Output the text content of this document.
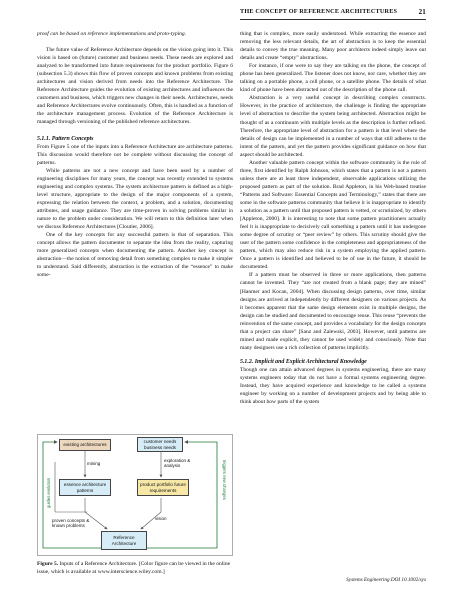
THE CONCEPT OF REFERENCE ARCHITECTURES	21

proof can be based on reference implementations and proto-typing.

The future value of Reference Architecture depends on the vision going into it. This vision is based on (future) customer and business needs. These needs are explored and analyzed to be transformed into future requirements for the product portfolio. Figure 6 (subsection 5.3) shows this flow of proven concepts and known problems from existing architectures and vision derived from needs into the Reference Architecture. The Reference Architecture guides the evolution of existing architectures and influences the customers and business, which triggers new changes in their needs. Architectures, needs and Reference Architectures evolve continuously. Often, this is handled as a function of the architecture management process. Evolution of the Reference Architecture is managed through versioning of the published reference architectures.

5.1.1. Pattern Concepts

From Figure 5 one of the inputs into a Reference Architecture are architecture patterns. This discussion would therefore not be complete without discussing the concept of patterns.

While patterns are not a new concept and have been used by a number of engineering disciplines for many years, the concept was recently extended to systems engineering and complex systems. The system architecture pattern is defined as a high-level structure, appropriate to the design of the major components of a system, expressing the relation between the context, a problem, and a solution, documenting attributes, and usage guidance. They are time-proven in solving problems similar in nature to the problem under consideration. We will return to this definition later when we discuss Reference Architectures [Cloutier, 2006].

One of the key concepts for any successful pattern is that of separation. This concept allows the pattern documenter to separate the idea from the reality, capturing more generalized concepts when documenting the pattern. Another key concept is abstraction—the notion of removing detail from something complex to make it simpler to understand. Said differently, abstraction is the extraction of the “essence” to make some-

existing architectures
customer needs business needs
essence architecture patterns
product portfolio future requirements
Reference Architecture
mining
exploration & analysis
proven concepts & known problems
vision
guides evolution	triggers new changes
Figure 5. Inputs of a Reference Architecture. [Color figure can be viewed in the online issue, which is available at www.interscience.wiley.com.]

thing that is complex, more easily understood. While extracting the essence and removing the less relevant details, the art of abstraction is to keep the essential details to convey the true meaning. Many poor architects indeed simply leave out details and create “empty” abstractions.

For instance, if one were to say they are talking on the phone, the concept of phone has been generalized. The listener does not know, nor care, whether they are talking on a portable phone, a cell phone, or a satellite phone. The details of what kind of phone have been abstracted out of the description of the phone call.

Abstraction is a very useful concept in describing complex constructs. However, in the practice of architecture, the challenge is finding the appropriate level of abstraction to describe the system being architected. Abstraction might be thought of as a continuum with multiple levels as the description is further refined. Therefore, the appropriate level of abstraction for a pattern is that level where the details of design can be implemented in a number of ways that still adheres to the intent of the pattern, and yet the pattern provides significant guidance on how that aspect should be architected.

Another valuable pattern concept within the software community is the rule of three, first identified by Ralph Johnson, which states that a pattern is not a pattern unless there are at least three independent, observable applications utilizing the proposed pattern as part of the solution. Brad Appleton, in his Web-based treatise “Patterns and Software: Essential Concepts and Terminology,” states that there are some in the software patterns community that believe it is inappropriate to identify a solution as a pattern until that proposed pattern is vetted, or scrutinized, by others [Appleton, 2000]. It is interesting to note that some pattern practitioners actually feel it is inappropriate to decisively call something a pattern until it has undergone some degree of scrutiny or “peer review” by others. This scrutiny should give the user of the pattern some confidence in the completeness and appropriateness of the pattern, which may also reduce risk in a system employing the applied pattern. Once a pattern is identified and believed to be of use in the future, it should be documented.

If a pattern must be observed in three or more applications, then patterns cannot be invented. They “are not created from a blank page; they are mined” [Hanmer and Kocan, 2004]. When discussing design patterns, over time, similar designs are arrived at independently by different designers on various projects. As it becomes apparent that the same design elements exist in multiple designs, the design can be studied and documented to encourage reuse. This reuse “prevents the reinvention of the same concept, and provides a vocabulary for the design concepts that a project can share” [Sanz and Zalewski, 2003]. However, until patterns are mined and made explicit, they cannot be used widely and consciously. Note that many designers use a rich collection of patterns implicitly.

5.1.2. Implicit and Explicit Architectural Knowledge

Though one can attain advanced degrees in systems engineering, there are many systems engineers today that do not have a formal systems engineering degree. Instead, they have acquired experience and knowledge to be called a systems engineer by working on a number of development projects and by being able to think about how parts of the system

Systems Engineering DOI 10.1002/sys
